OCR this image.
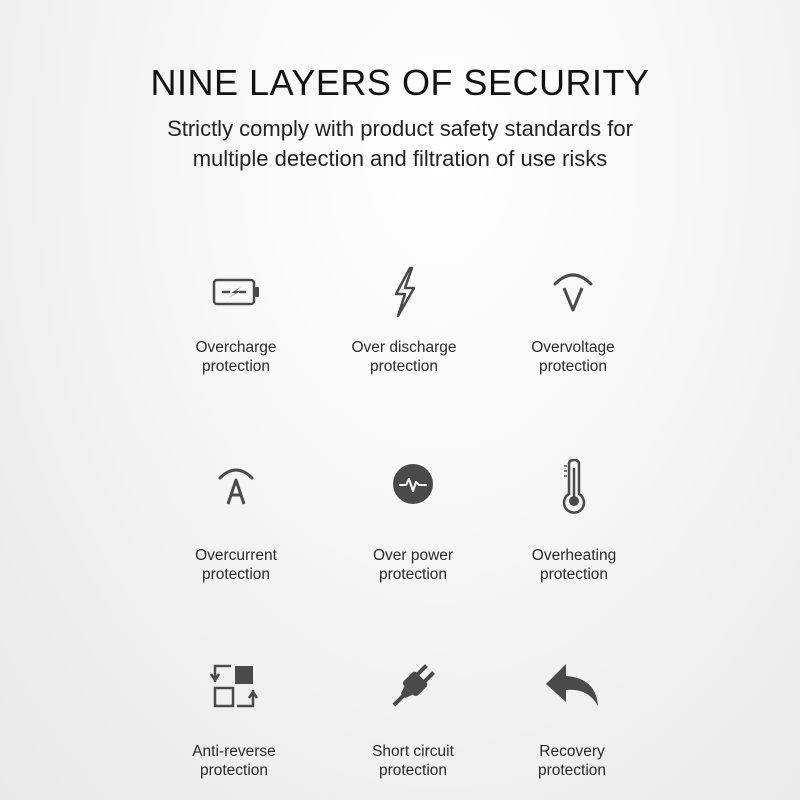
NINE LAYERS OF SECURITY
Strictly comply with product safety standards for
multiple detection and filtration of use risks
Overcharge
protection
Over discharge
protection
Overvoltage
protection
Overcurrent
protection
Over power
protection
Overheating
protection
Anti-reverse
protection
Short circuit
protection
Recovery
protection
